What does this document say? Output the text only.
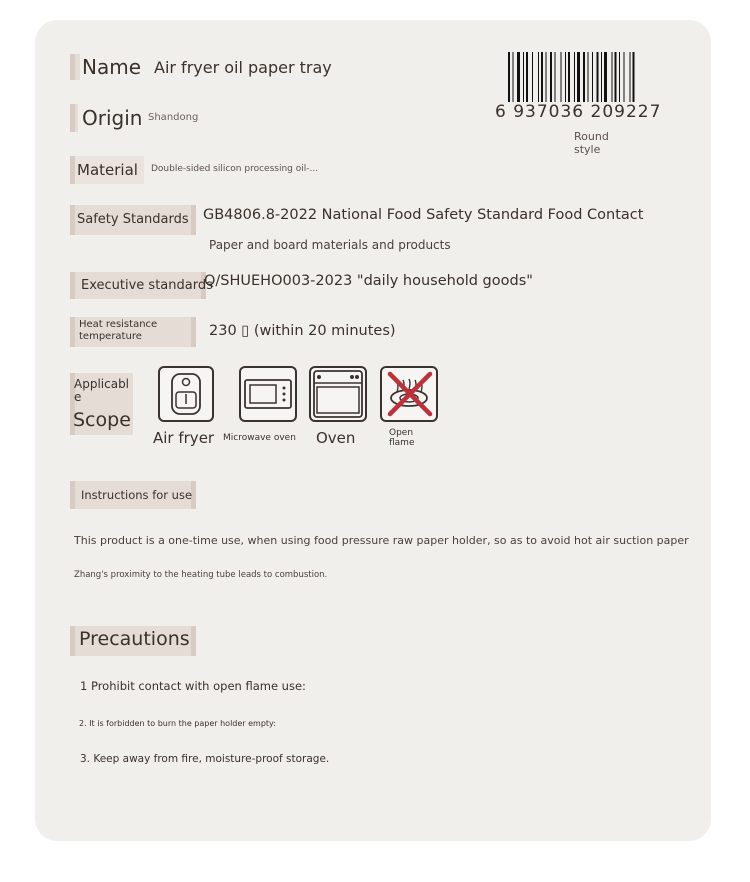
Name Air fryer oil paper tray
Origin Shandong	6 937036 209227
Round style
Material Double-sided silicon processing oil-...
Safety Standards GB4806.8-2022 National Food Safety Standard Food Contact
Paper and board materials and products
Executive standards
Q/SHUEHO003-2023 "daily household goods"
Heat resistance temperature	230 ▯ (within 20 minutes)
Applicable
Scope
Air fryer Microwave oven Oven	Open flame
Instructions for use
This product is a one-time use, when using food pressure raw paper holder, so as to avoid hot air suction paper
Zhang's proximity to the heating tube leads to combustion.
Precautions
1 Prohibit contact with open flame use:
2. It is forbidden to burn the paper holder empty:
3. Keep away from fire, moisture-proof storage.
